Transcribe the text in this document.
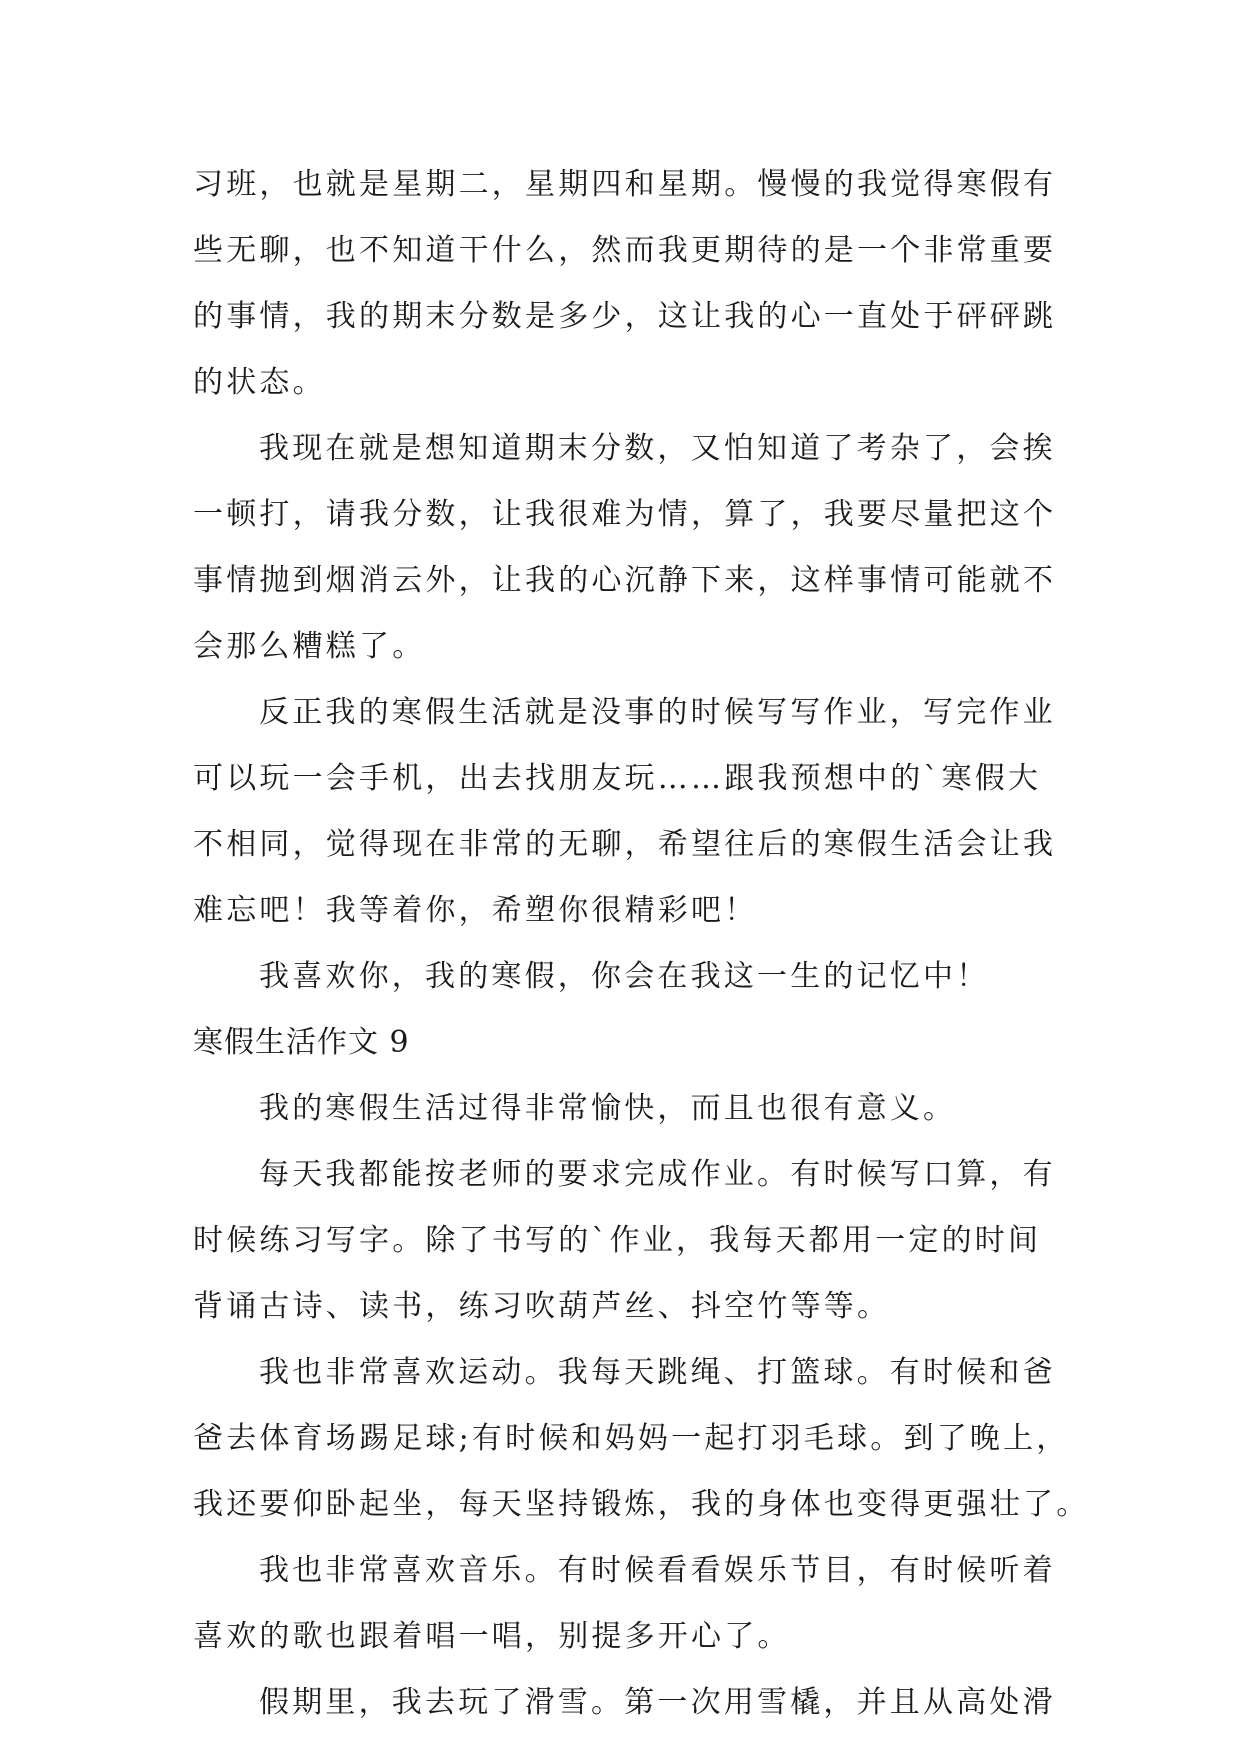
习班，也就是星期二，星期四和星期。慢慢的我觉得寒假有
些无聊，也不知道干什么，然而我更期待的是一个非常重要
的事情，我的期末分数是多少，这让我的心一直处于砰砰跳
的状态。
我现在就是想知道期末分数，又怕知道了考杂了，会挨
一顿打，请我分数，让我很难为情，算了，我要尽量把这个
事情抛到烟消云外，让我的心沉静下来，这样事情可能就不
会那么糟糕了。
反正我的寒假生活就是没事的时候写写作业，写完作业
可以玩一会手机，出去找朋友玩……跟我预想中的`寒假大
不相同，觉得现在非常的无聊，希望往后的寒假生活会让我
难忘吧！我等着你，希塑你很精彩吧！
我喜欢你，我的寒假，你会在我这一生的记忆中！
寒假生活作文 9
我的寒假生活过得非常愉快，而且也很有意义。
每天我都能按老师的要求完成作业。有时候写口算，有
时候练习写字。除了书写的`作业，我每天都用一定的时间
背诵古诗、读书，练习吹葫芦丝、抖空竹等等。
我也非常喜欢运动。我每天跳绳、打篮球。有时候和爸
爸去体育场踢足球;有时候和妈妈一起打羽毛球。到了晚上，
我还要仰卧起坐，每天坚持锻炼，我的身体也变得更强壮了。
我也非常喜欢音乐。有时候看看娱乐节目，有时候听着
喜欢的歌也跟着唱一唱，别提多开心了。
假期里，我去玩了滑雪。第一次用雪橇，并且从高处滑
